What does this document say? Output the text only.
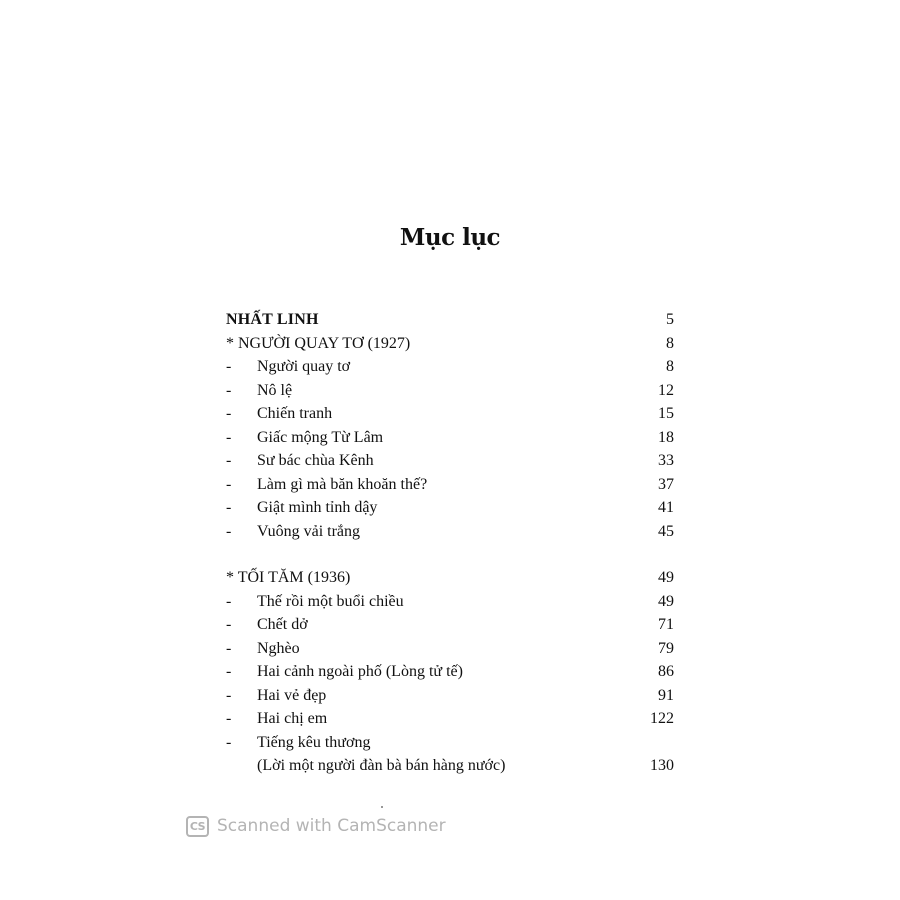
Mục lục
NHẤT LINH	5
* NGƯỜI QUAY TƠ (1927)	8
- Người quay tơ	8
- Nô lệ	12
- Chiến tranh	15
- Giấc mộng Từ Lâm	18
- Sư bác chùa Kênh	33
- Làm gì mà băn khoăn thế?	37
- Giật mình tỉnh dậy	41
- Vuông vải trắng	45
* TỐI TĂM (1936)	49
- Thế rồi một buổi chiều	49
- Chết dở	71
- Nghèo	79
- Hai cảnh ngoài phố (Lòng tử tế)	86
- Hai vẻ đẹp	91
- Hai chị em	122
- Tiếng kêu thương
(Lời một người đàn bà bán hàng nước)	130
CS Scanned with CamScanner
